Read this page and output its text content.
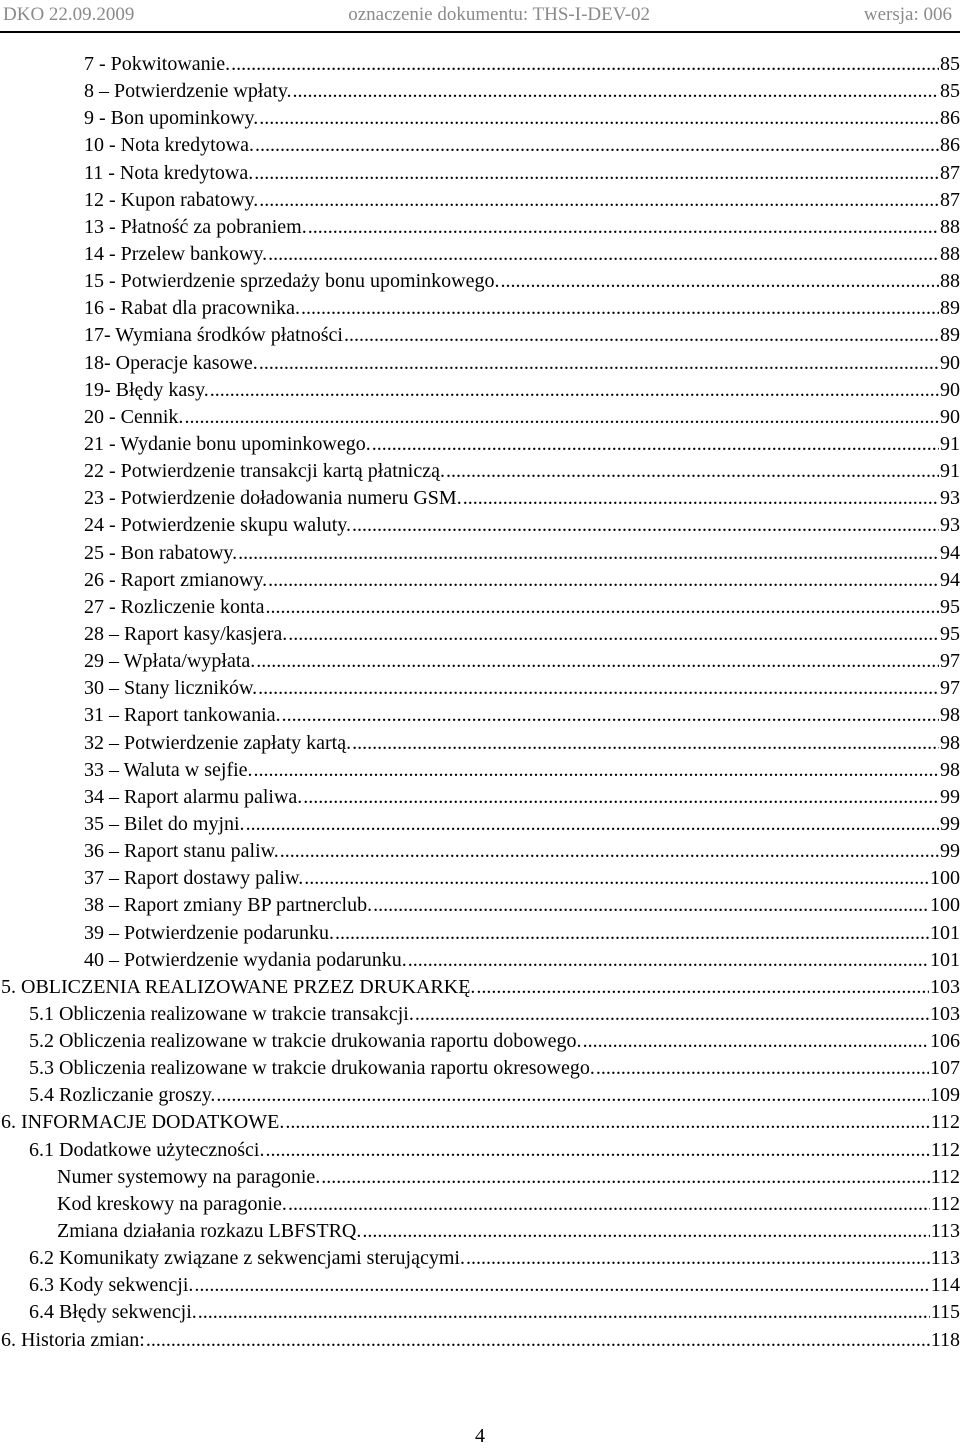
DKO 22.09.2009	oznaczenie dokumentu: THS-I-DEV-02	wersja: 006
7 - Pokwitowanie. .....	85
8 – Potwierdzenie wpłaty. .....	85
9 - Bon upominkowy. .....	86
10 - Nota kredytowa. .....	86
11 - Nota kredytowa. .....	87
12 - Kupon rabatowy. .....	87
13 - Płatność za pobraniem. .....	88
14 - Przelew bankowy. .....	88
15 - Potwierdzenie sprzedaży bonu upominkowego. .....	88
16 - Rabat dla pracownika. .....	89
17- Wymiana środków płatności .....	89
18- Operacje kasowe. .....	90
19- Błędy kasy. .....	90
20 - Cennik. .....	90
21 - Wydanie bonu upominkowego. .....	91
22 - Potwierdzenie transakcji kartą płatniczą. .....	91
23 - Potwierdzenie doładowania numeru GSM. .....	93
24 - Potwierdzenie skupu waluty. .....	93
25 - Bon rabatowy. .....	94
26 - Raport zmianowy. .....	94
27 - Rozliczenie konta .....	95
28 – Raport kasy/kasjera. .....	95
29 – Wpłata/wypłata. .....	97
30 – Stany liczników. .....	97
31 – Raport tankowania. .....	98
32 – Potwierdzenie zapłaty kartą. .....	98
33 – Waluta w sejfie. .....	98
34 – Raport alarmu paliwa. .....	99
35 – Bilet do myjni. .....	99
36 – Raport stanu paliw. .....	99
37 – Raport dostawy paliw. .....	100
38 – Raport zmiany BP partnerclub. .....	100
39 – Potwierdzenie podarunku. .....	101
40 – Potwierdzenie wydania podarunku. .....	101
5. OBLICZENIA REALIZOWANE PRZEZ DRUKARKĘ. .....	103
5.1 Obliczenia realizowane w trakcie transakcji. .....	103
5.2 Obliczenia realizowane w trakcie drukowania raportu dobowego. .....	106
5.3 Obliczenia realizowane w trakcie drukowania raportu okresowego. .....	107
5.4 Rozliczanie groszy. .....	109
6. INFORMACJE DODATKOWE. .....	112
6.1 Dodatkowe użyteczności. .....	112
Numer systemowy na paragonie. .....	112
Kod kreskowy na paragonie. .....	112
Zmiana działania rozkazu LBFSTRQ. .....	113
6.2 Komunikaty związane z sekwencjami sterującymi. .....	113
6.3 Kody sekwencji. .....	114
6.4 Błędy sekwencji. .....	115
6. Historia zmian: .....	118
4
